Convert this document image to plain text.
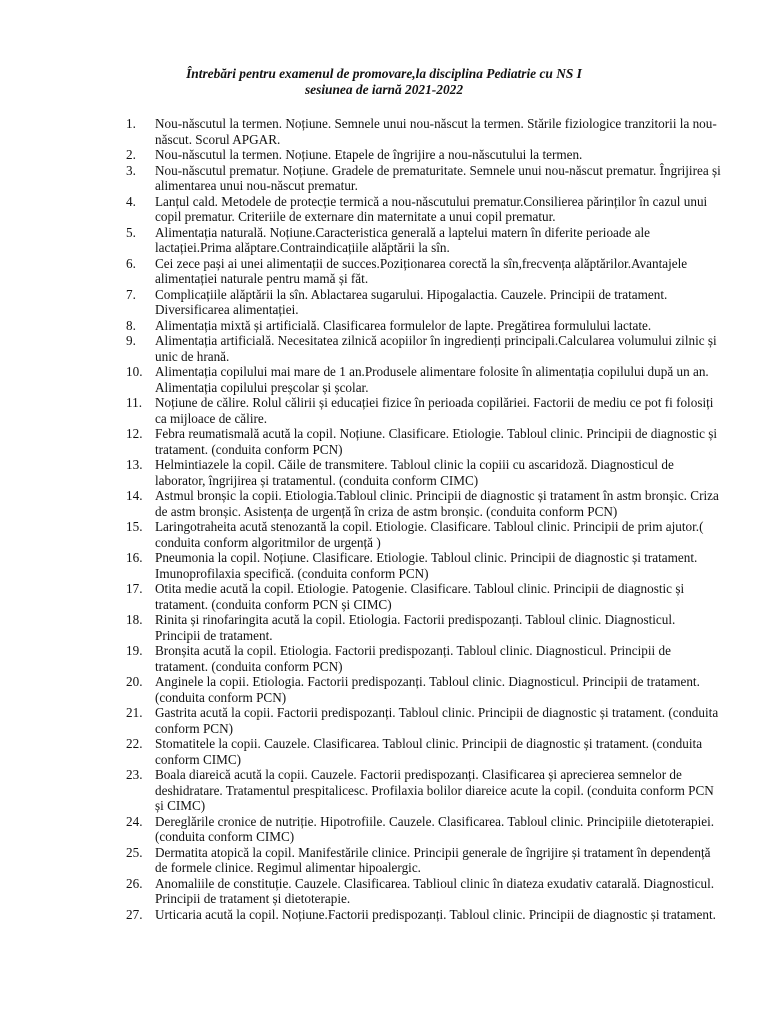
Întrebări pentru examenul de promovare,la disciplina Pediatrie cu NS I
sesiunea de iarnă 2021-2022
1.	Nou-născutul la termen. Noțiune. Semnele unui nou-născut la termen. Stările fiziologice tranzitorii la nou-născut. Scorul APGAR.
2.	Nou-născutul la termen. Noțiune. Etapele de îngrijire a nou-născutului la termen.
3.	Nou-născutul prematur. Noțiune. Gradele de prematuritate. Semnele unui nou-născut prematur. Îngrijirea și alimentarea unui nou-născut prematur.
4.	Lanțul cald. Metodele de protecție termică a nou-născutului prematur.Consilierea părinților în cazul unui copil prematur. Criteriile de externare din maternitate a unui copil prematur.
5.	Alimentația naturală. Noțiune.Caracteristica generală a laptelui matern în diferite perioade ale lactației.Prima alăptare.Contraindicațiile alăptării la sîn.
6.	Cei zece pași ai unei alimentații de succes.Poziționarea corectă la sîn,frecvența alăptărilor.Avantajele alimentației naturale pentru mamă și făt.
7.	Complicațiile alăptării la sîn. Ablactarea sugarului. Hipogalactia. Cauzele. Principii de tratament. Diversificarea alimentației.
8.	Alimentația mixtă și artificială. Clasificarea formulelor de lapte. Pregătirea formulului lactate.
9.	Alimentația artificială. Necesitatea zilnică acopiilor în ingredienți principali.Calcularea volumului zilnic și unic de hrană.
10. Alimentația copilului mai mare de 1 an.Produsele alimentare folosite în alimentația copilului după un an. Alimentația copilului preșcolar și școlar.
11. Noțiune de călire. Rolul călirii și educației fizice în perioada copilăriei. Factorii de mediu ce pot fi folosiți ca mijloace de călire.
12. Febra reumatismală acută la copil. Noțiune. Clasificare. Etiologie. Tabloul clinic. Principii de diagnostic și tratament. (conduita conform PCN)
13. Helmintiazele la copil. Căile de transmitere. Tabloul clinic la copiii cu ascaridoză. Diagnosticul de laborator, îngrijirea și tratamentul. (conduita conform CIMC)
14. Astmul bronșic la copii. Etiologia.Tabloul clinic. Principii de diagnostic și tratament în astm bronșic. Criza de astm bronșic. Asistența de urgență în criza de astm bronșic. (conduita conform PCN)
15. Laringotraheita acută stenozantă la copil. Etiologie. Clasificare. Tabloul clinic. Principii de prim ajutor.( conduita conform algoritmilor de urgență )
16. Pneumonia la copil. Noțiune. Clasificare. Etiologie. Tabloul clinic. Principii de diagnostic și tratament. Imunoprofilaxia specifică. (conduita conform PCN)
17. Otita medie acută la copil. Etiologie. Patogenie. Clasificare. Tabloul clinic. Principii de diagnostic și tratament. (conduita conform PCN și CIMC)
18. Rinita și rinofaringita acută la copil. Etiologia. Factorii predispozanți. Tabloul clinic. Diagnosticul. Principii de tratament.
19. Bronșita acută la copil. Etiologia. Factorii predispozanți. Tabloul clinic. Diagnosticul. Principii de tratament. (conduita conform PCN)
20. Anginele la copii. Etiologia. Factorii predispozanți. Tabloul clinic. Diagnosticul. Principii de tratament. (conduita conform PCN)
21. Gastrita acută la copii. Factorii predispozanți. Tabloul clinic. Principii de diagnostic și tratament. (conduita conform PCN)
22. Stomatitele la copii. Cauzele. Clasificarea. Tabloul clinic. Principii de diagnostic și tratament. (conduita conform CIMC)
23. Boala diareică acută la copii. Cauzele. Factorii predispozanți. Clasificarea și aprecierea semnelor de deshidratare. Tratamentul prespitalicesc. Profilaxia bolilor diareice acute la copil. (conduita conform PCN și CIMC)
24. Dereglările cronice de nutriție. Hipotrofiile. Cauzele. Clasificarea. Tabloul clinic. Principiile dietoterapiei. (conduita conform CIMC)
25. Dermatita atopică la copil. Manifestările clinice. Principii generale de îngrijire și tratament în dependență de formele clinice. Regimul alimentar hipoalergic.
26. Anomaliile de constituție. Cauzele. Clasificarea. Tablioul clinic în diateza exudativ catarală. Diagnosticul. Principii de tratament și dietoterapie.
27. Urticaria acută la copil. Noțiune.Factorii predispozanți. Tabloul clinic. Principii de diagnostic și tratament.
